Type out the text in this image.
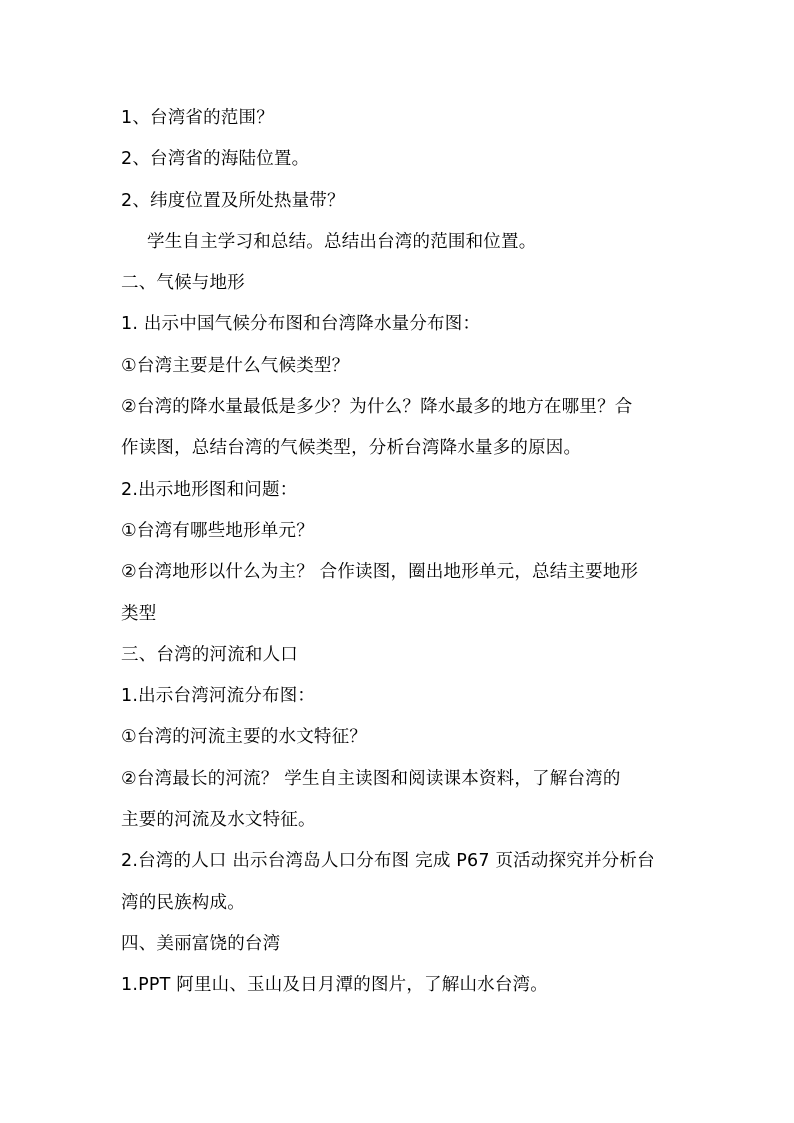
1、台湾省的范围？
2、台湾省的海陆位置。
2、纬度位置及所处热量带？
学生自主学习和总结。总结出台湾的范围和位置。
二、气候与地形
1. 出示中国气候分布图和台湾降水量分布图：
①台湾主要是什么气候类型？
②台湾的降水量最低是多少？为什么？降水最多的地方在哪里？合
作读图，总结台湾的气候类型，分析台湾降水量多的原因。
2.出示地形图和问题：
①台湾有哪些地形单元？
②台湾地形以什么为主？ 合作读图，圈出地形单元，总结主要地形
类型
三、台湾的河流和人口
1.出示台湾河流分布图：
①台湾的河流主要的水文特征？
②台湾最长的河流？ 学生自主读图和阅读课本资料，了解台湾的
主要的河流及水文特征。
2.台湾的人口 出示台湾岛人口分布图 完成 P67 页活动探究并分析台
湾的民族构成。
四、美丽富饶的台湾
1.PPT 阿里山、玉山及日月潭的图片，了解山水台湾。
